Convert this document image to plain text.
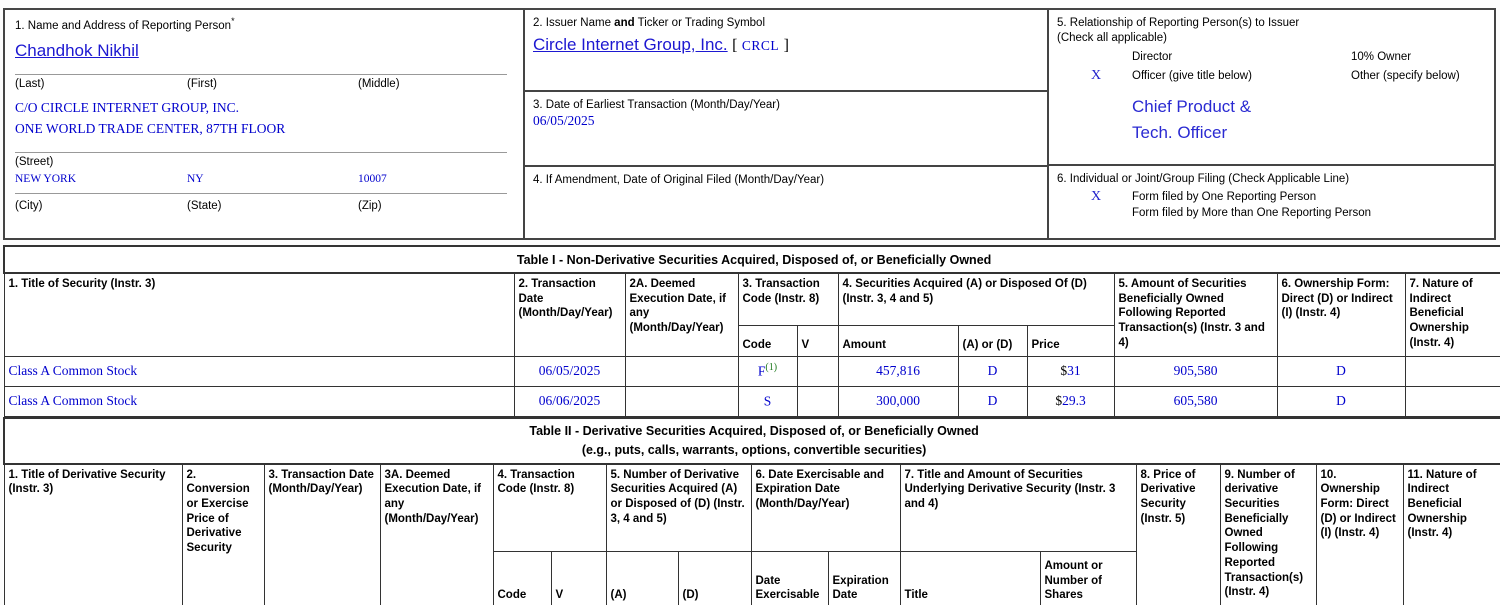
1. Name and Address of Reporting Person*
Chandhok Nikhil
(Last)	(First)	(Middle)
C/O CIRCLE INTERNET GROUP, INC.
ONE WORLD TRADE CENTER, 87TH FLOOR
(Street)
NEW YORK	NY	10007
(City)	(State)	(Zip)
2. Issuer Name and Ticker or Trading Symbol
Circle Internet Group, Inc. [ CRCL ]
3. Date of Earliest Transaction (Month/Day/Year)
06/05/2025
4. If Amendment, Date of Original Filed (Month/Day/Year)
5. Relationship of Reporting Person(s) to Issuer
(Check all applicable)
Director	10% Owner
X	Officer (give title below)	Other (specify below)
Chief Product &
Tech. Officer
6. Individual or Joint/Group Filing (Check Applicable Line)
X	Form filed by One Reporting Person
Form filed by More than One Reporting Person
Table I - Non-Derivative Securities Acquired, Disposed of, or Beneficially Owned										
1. Title of Security (Instr. 3)	2. Transaction Date (Month/Day/Year)	2A. Deemed Execution Date, if any (Month/Day/Year)	3. Transaction Code (Instr. 8)		4. Securities Acquired (A) or Disposed Of (D) (Instr. 3, 4 and 5)			5. Amount of Securities Beneficially Owned Following Reported Transaction(s) (Instr. 3 and 4)	6. Ownership Form: Direct (D) or Indirect (I) (Instr. 4)	7. Nature of Indirect Beneficial Ownership (Instr. 4)
			Code	V	Amount	(A) or (D)	Price			
Class A Common Stock	06/05/2025		F$^{(1)}$		457,816	D	$31	905,580	D	
Class A Common Stock	06/06/2025		S		300,000	D	$29.3	605,580	D	
Table II - Derivative Securities Acquired, Disposed of, or Beneficially Owned
(e.g., puts, calls, warrants, options, convertible securities)															

1. Title of Derivative Security (Instr. 3)	2. Conversion or Exercise Price of Derivative Security	3. Transaction Date (Month/Day/Year)	3A. Deemed Execution Date, if any (Month/Day/Year)	4. Transaction Code (Instr. 8)		5. Number of Derivative Securities Acquired (A) or Disposed of (D) (Instr. 3, 4 and 5)		6. Date Exercisable and Expiration Date (Month/Day/Year)		7. Title and Amount of Securities Underlying Derivative Security (Instr. 3 and 4)		8. Price of Derivative Security (Instr. 5)	9. Number of derivative Securities Beneficially Owned Following Reported Transaction(s) (Instr. 4)	10. Ownership Form: Direct (D) or Indirect (I) (Instr. 4)	11. Nature of Indirect Beneficial Ownership (Instr. 4)
				Code	V	(A)	(D)	Date Exercisable	Expiration Date	Title	Amount or Number of Shares				
